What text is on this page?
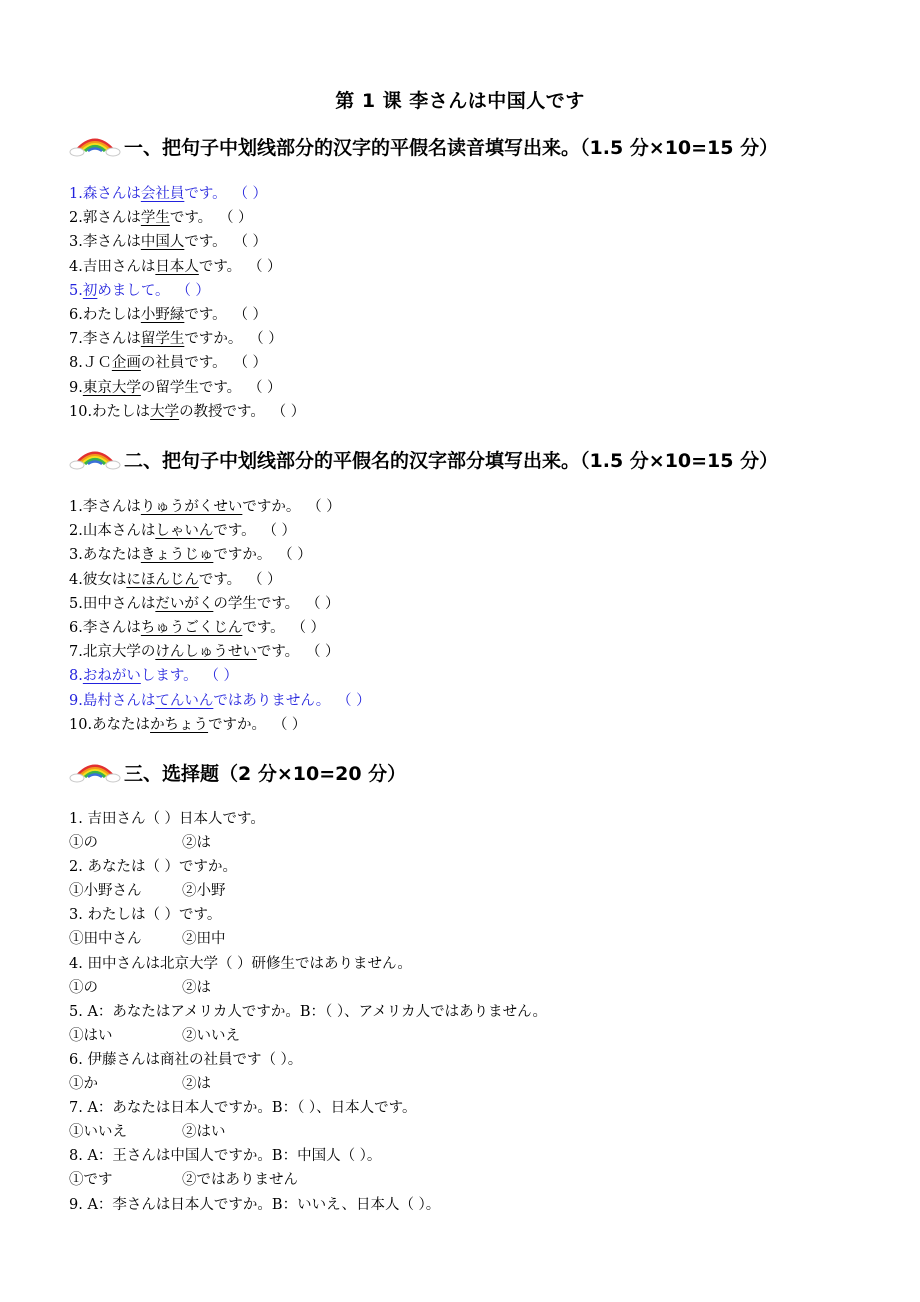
第 1 课 李さんは中国人です
一、把句子中划线部分的汉字的平假名读音填写出来。（1.5 分×10=15 分）
1.森さんは会社員です。 （ ）
2.郭さんは学生です。 （ ）
3.李さんは中国人です。 （ ）
4.吉田さんは日本人です。 （ ）
5.初めまして。 （ ）
6.わたしは小野緑です。 （ ）
7.李さんは留学生ですか。 （ ）
8.ＪＣ企画の社員です。 （ ）
9.東京大学の留学生です。 （ ）
10.わたしは大学の教授です。 （ ）
二、把句子中划线部分的平假名的汉字部分填写出来。（1.5 分×10=15 分）
1.李さんはりゅうがくせいですか。 （ ）
2.山本さんはしゃいんです。 （ ）
3.あなたはきょうじゅですか。 （ ）
4.彼女はにほんじんです。 （ ）
5.田中さんはだいがくの学生です。 （ ）
6.李さんはちゅうごくじんです。 （ ）
7.北京大学のけんしゅうせいです。 （ ）
8.おねがいします。 （ ）
9.島村さんはてんいんではありません。 （ ）
10.あなたはかちょうですか。 （ ）
三、选择题（2 分×10=20 分）
1. 吉田さん（ ）日本人です。
①の	②は
2. あなたは（ ）ですか。
①小野さん	②小野
3. わたしは（ ）です。
①田中さん	②田中
4. 田中さんは北京大学（ ）研修生ではありません。
①の	②は
5. A：あなたはアメリカ人ですか。B：（ ）、アメリカ人ではありません。
①はい	②いいえ
6. 伊藤さんは商社の社員です（ ）。
①か	②は
7. A：あなたは日本人ですか。B：（ ）、日本人です。
①いいえ	②はい
8. A：王さんは中国人ですか。B：中国人（ ）。
①です	②ではありません
9. A：李さんは日本人ですか。B：いいえ、日本人（ ）。
